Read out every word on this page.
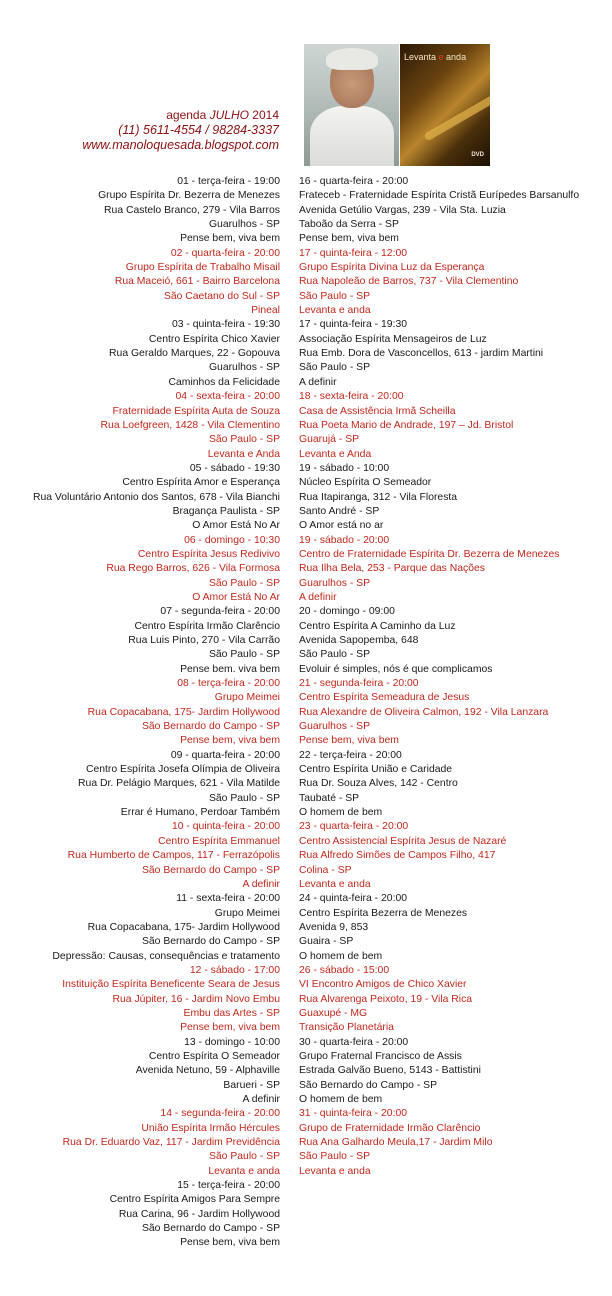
agenda JULHO 2014
(11) 5611-4554 / 98284-3337
www.manoloquesada.blogspot.com
Levanta e anda
DVD
01 - terça-feira - 19:00
Grupo Espírita Dr. Bezerra de Menezes
Rua Castelo Branco, 279 - Vila Barros
Guarulhos - SP
Pense bem, viva bem
02 - quarta-feira - 20:00
Grupo Espírita de Trabalho Misail
Rua Maceió, 661 - Bairro Barcelona
São Caetano do Sul - SP
Pineal
03 - quinta-feira - 19:30
Centro Espírita Chico Xavier
Rua Geraldo Marques, 22 - Gopouva
Guarulhos - SP
Caminhos da Felicidade
04 - sexta-feira - 20:00
Fraternidade Espírita Auta de Souza
Rua Loefgreen, 1428 - Vila Clementino
São Paulo - SP
Levanta e Anda
05 - sábado - 19:30
Centro Espírita Amor e Esperança
Rua Voluntário Antonio dos Santos, 678 - Vila Bianchi
Bragança Paulista - SP
O Amor Está No Ar
06 - domingo - 10:30
Centro Espírita Jesus Redivivo
Rua Rego Barros, 626 - Vila Formosa
São Paulo - SP
O Amor Está No Ar
07 - segunda-feira - 20:00
Centro Espírita Irmão Clarêncio
Rua Luis Pinto, 270 - Vila Carrão
São Paulo - SP
Pense bem. viva bem
08 - terça-feira - 20:00
Grupo Meimei
Rua Copacabana, 175- Jardim Hollywood
São Bernardo do Campo - SP
Pense bem, viva bem
09 - quarta-feira - 20:00
Centro Espírita Josefa Olímpia de Oliveira
Rua Dr. Pelágio Marques, 621 - Vila Matilde
São Paulo - SP
Errar é Humano, Perdoar Também
10 - quinta-feira - 20:00
Centro Espírita Emmanuel
Rua Humberto de Campos, 117 - Ferrazópolis
São Bernardo do Campo - SP
A definir
11 - sexta-feira - 20:00
Grupo Meimei
Rua Copacabana, 175- Jardim Hollywood
São Bernardo do Campo - SP
Depressão: Causas, consequências e tratamento
12 - sábado - 17:00
Instituição Espírita Beneficente Seara de Jesus
Rua Júpiter, 16 - Jardim Novo Embu
Embu das Artes - SP
Pense bem, viva bem
13 - domingo - 10:00
Centro Espírita O Semeador
Avenida Netuno, 59 - Alphaville
Barueri - SP
A definir
14 - segunda-feira - 20:00
União Espírita Irmão Hércules
Rua Dr. Eduardo Vaz, 117 - Jardim Previdência
São Paulo - SP
Levanta e anda
15 - terça-feira - 20:00
Centro Espírita Amigos Para Sempre
Rua Carina, 96 - Jardim Hollywood
São Bernardo do Campo - SP
Pense bem, viva bem
16 - quarta-feira - 20:00
Frateceb - Fraternidade Espírita Cristã Eurípedes Barsanulfo
Avenida Getúlio Vargas, 239 - Vila Sta. Luzia
Taboão da Serra - SP
Pense bem, viva bem
17 - quinta-feira - 12:00
Grupo Espírita Divina Luz da Esperança
Rua Napoleão de Barros, 737 - Vila Clementino
São Paulo - SP
Levanta e anda
17 - quinta-feira - 19:30
Associação Espírita Mensageiros de Luz
Rua Emb. Dora de Vasconcellos, 613 - jardim Martini
São Paulo - SP
A definir
18 - sexta-feira - 20:00
Casa de Assistência Irmã Scheilla
Rua Poeta Mario de Andrade, 197 – Jd. Bristol
Guarujá - SP
Levanta e Anda
19 - sábado - 10:00
Núcleo Espírita O Semeador
Rua Itapiranga, 312 - Vila Floresta
Santo André - SP
O Amor está no ar
19 - sábado - 20:00
Centro de Fraternidade Espírita Dr. Bezerra de Menezes
Rua Ilha Bela, 253 - Parque das Nações
Guarulhos - SP
A definir
20 - domingo - 09:00
Centro Espírita A Caminho da Luz
Avenida Sapopemba, 648
São Paulo - SP
Evoluir é simples, nós é que complicamos
21 - segunda-feira - 20:00
Centro Espírita Semeadura de Jesus
Rua Alexandre de Oliveira Calmon, 192 - Vila Lanzara
Guarulhos - SP
Pense bem, viva bem
22 - terça-feira - 20:00
Centro Espírita União e Caridade
Rua Dr. Souza Alves, 142 - Centro
Taubaté - SP
O homem de bem
23 - quarta-feira - 20:00
Centro Assistencial Espírita Jesus de Nazaré
Rua Alfredo Simões de Campos Filho, 417
Colina - SP
Levanta e anda
24 - quinta-feira - 20:00
Centro Espírita Bezerra de Menezes
Avenida 9, 853
Guaira - SP
O homem de bem
26 - sábado - 15:00
VI Encontro Amigos de Chico Xavier
Rua Alvarenga Peixoto, 19 - Vila Rica
Guaxupé - MG
Transição Planetária
30 - quarta-feira - 20:00
Grupo Fraternal Francisco de Assis
Estrada Galvão Bueno, 5143 - Battistini
São Bernardo do Campo - SP
O homem de bem
31 - quinta-feira - 20:00
Grupo de Fraternidade Irmão Clarêncio
Rua Ana Galhardo Meula,17 - Jardim Milo
São Paulo - SP
Levanta e anda
